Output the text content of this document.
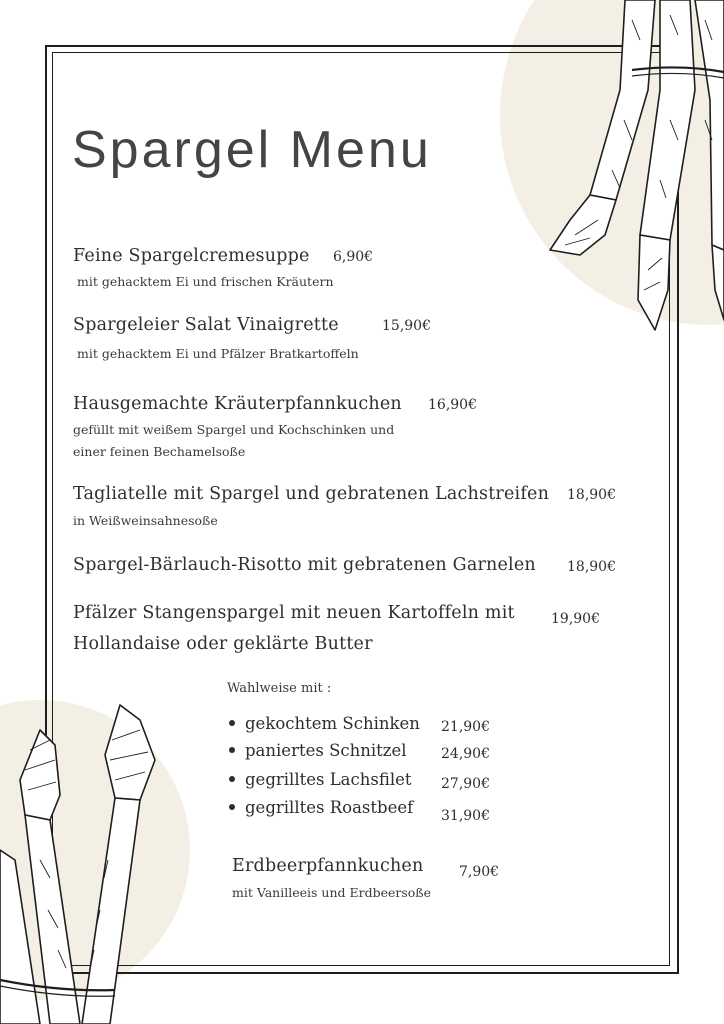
Spargel Menu
Feine Spargelcremesuppe 6,90€
mit gehacktem Ei und frischen Kräutern
Spargeleier Salat Vinaigrette	15,90€
mit gehacktem Ei und Pfälzer Bratkartoffeln
Hausgemachte Kräuterpfannkuchen 16,90€
gefüllt mit weißem Spargel und Kochschinken und
einer feinen Bechamelsoße
Tagliatelle mit Spargel und gebratenen Lachstreifen 18,90€
in Weißweinsahnesoße
Spargel-Bärlauch-Risotto mit gebratenen Garnelen 18,90€
Pfälzer Stangenspargel mit neuen Kartoffeln mit
Hollandaise oder geklärte Butter
19,90€
Wahlweise mit :
gekochtem Schinken 21,90€
paniertes Schnitzel 24,90€
gegrilltes Lachsfilet 27,90€
gegrilltes Roastbeef 31,90€
Erdbeerpfannkuchen	7,90€
mit Vanilleeis und Erdbeersoße
